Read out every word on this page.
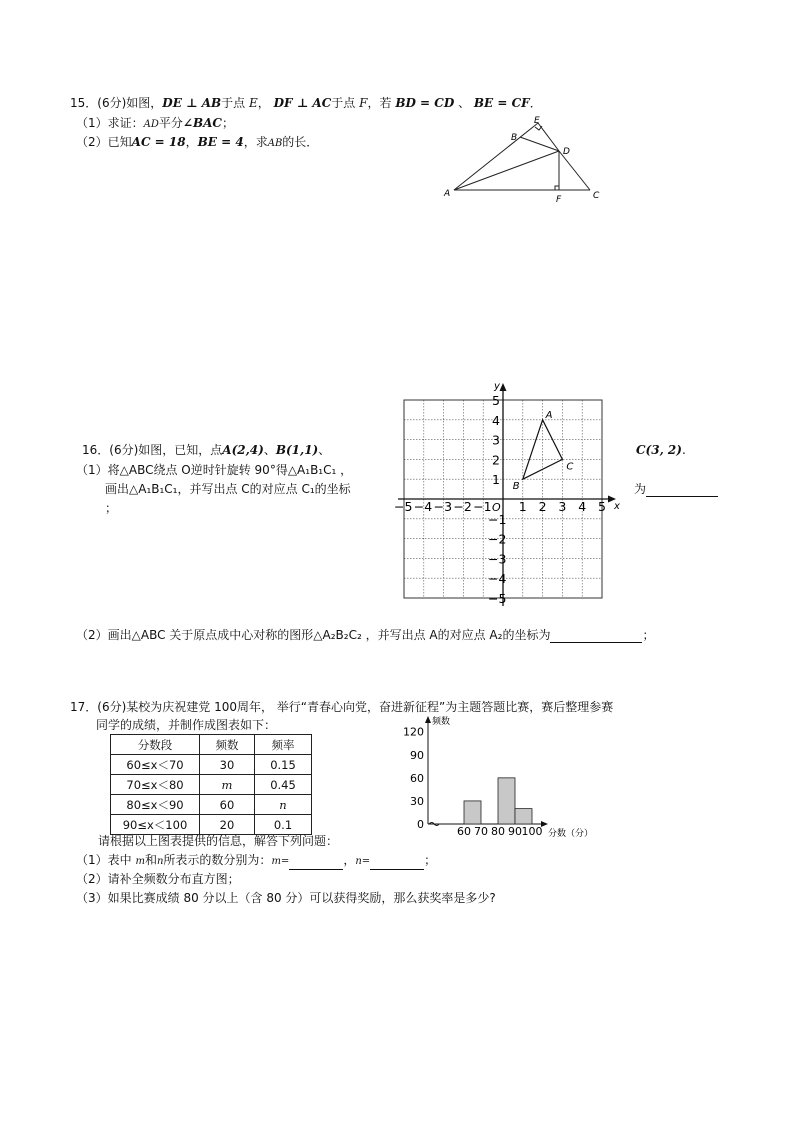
15．(6分)如图，DE ⊥ AB于点 E， DF ⊥ AC于点 F，若 BD = CD 、 BE = CF．
（1）求证：AD平分∠BAC；
（2）已知AC = 18，BE = 4，求AB的长．
A
B
C
D
E
F
16．(6分)如图，已知，点A(2,4)、B(1,1)、	C(3, 2).
（1）将△ABC绕点 O逆时针旋转 90°得△A₁B₁C₁ ，
画出△A₁B₁C₁，并写出点 C的对应点 C₁的坐标	为
；	x
y
O
−5 −4 −3 −2 −1 1 2 3 4 5
5
4
3
2
1
−1
−2
−3
−4
−5
A
B
C
（2）画出△ABC 关于原点成中心对称的图形△A₂B₂C₂ ，并写出点 A的对应点 A₂的坐标为	；
17．(6分)某校为庆祝建党 100周年， 举行“青春心向党，奋进新征程”为主题答题比赛，赛后整理参赛
同学的成绩，并制作成图表如下：
分数段	频数	频率
60≤x＜70	30	0.15
70≤x＜80	m	0.45
80≤x＜90	60	n
90≤x＜100	20	0.1
频数
分数（分）
0
30
60
90
120
60 70 80 90 100
请根据以上图表提供的信息，解答下列问题：
（1）表中 m和n所表示的数分别为：m=	，n=	；
（2）请补全频数分布直方图；
（3）如果比赛成绩 80 分以上（含 80 分）可以获得奖励，那么获奖率是多少?
